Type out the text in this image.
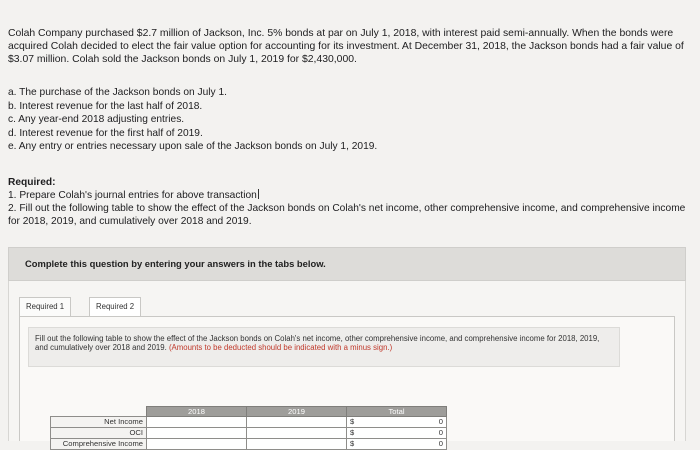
Colah Company purchased $2.7 million of Jackson, Inc. 5% bonds at par on July 1, 2018, with interest paid semi-annually. When the bonds were acquired Colah decided to elect the fair value option for accounting for its investment. At December 31, 2018, the Jackson bonds had a fair value of $3.07 million. Colah sold the Jackson bonds on July 1, 2019 for $2,430,000.
a. The purchase of the Jackson bonds on July 1.
b. Interest revenue for the last half of 2018.
c. Any year-end 2018 adjusting entries.
d. Interest revenue for the first half of 2019.
e. Any entry or entries necessary upon sale of the Jackson bonds on July 1, 2019.
Required:
1. Prepare Colah's journal entries for above transaction
2. Fill out the following table to show the effect of the Jackson bonds on Colah's net income, other comprehensive income, and comprehensive income for 2018, 2019, and cumulatively over 2018 and 2019.
Complete this question by entering your answers in the tabs below.
Required 1	Required 2
Fill out the following table to show the effect of the Jackson bonds on Colah's net income, other comprehensive income, and comprehensive income for 2018, 2019, and cumulatively over 2018 and 2019. (Amounts to be deducted should be indicated with a minus sign.)
	2018	2019	Total
Net Income			$ 0

OCI			$ 0

Comprehensive Income			$ 0
